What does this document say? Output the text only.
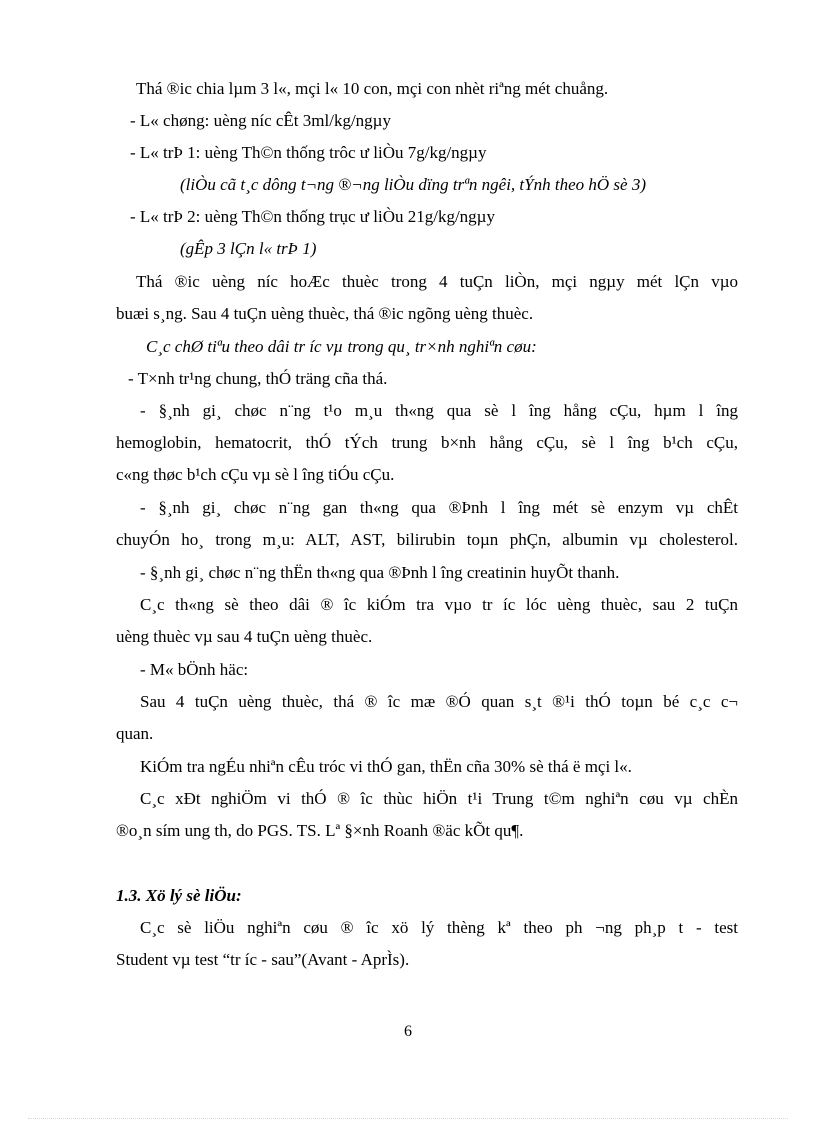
Thá ®ic chia lµm 3 l«, mçi l« 10 con, mçi con nhèt riªng mét chuång.
- L« chøng: uèng níc cÊt 3ml/kg/ngµy
- L« trÞ 1: uèng Th©n thống trôc ư liÒu 7g/kg/ngµy
(liÒu cã t¸c dông t¬ng ®¬ng liÒu dïng trªn ngêi, tÝnh theo hÖ sè 3)
- L« trÞ 2: uèng Th©n thống trục ư liÒu 21g/kg/ngµy
(gÊp 3 lÇn l« trÞ 1)
Thá ®ic uèng níc hoÆc thuèc trong 4 tuÇn liÒn, mçi ngµy mét lÇn vµo
buæi s¸ng. Sau 4 tuÇn uèng thuèc, thá ®ic ngõng uèng thuèc.
C¸c chØ tiªu theo dâi tr íc vµ trong qu¸ tr×nh nghiªn cøu:
- T×nh tr¹ng chung, thÓ träng cña thá.
- §¸nh gi¸ chøc n¨ng t¹o m¸u th«ng qua sè l îng hång cÇu, hµm l îng
hemoglobin, hematocrit, thÓ tÝch trung b×nh hång cÇu, sè l îng b¹ch cÇu,
c«ng thøc b¹ch cÇu vµ sè l îng tiÓu cÇu.
- §¸nh gi¸ chøc n¨ng gan th«ng qua ®Þnh l îng mét sè enzym vµ chÊt
chuyÓn ho¸ trong m¸u: ALT, AST, bilirubin toµn phÇn, albumin vµ cholesterol.
- §¸nh gi¸ chøc n¨ng thËn th«ng qua ®Þnh l îng creatinin huyÕt thanh.
C¸c th«ng sè theo dâi ® îc kiÓm tra vµo tr íc lóc uèng thuèc, sau 2 tuÇn
uèng thuèc vµ sau 4 tuÇn uèng thuèc.
- M« bÖnh häc:
Sau 4 tuÇn uèng thuèc, thá ® îc mæ ®Ó quan s¸t ®¹i thÓ toµn bé c¸c c¬
quan.
KiÓm tra ngÉu nhiªn cÊu tróc vi thÓ gan, thËn cña 30% sè thá ë mçi l«.
C¸c xÐt nghiÖm vi thÓ ® îc thùc hiÖn t¹i Trung t©m nghiªn cøu vµ chÈn
®o¸n sím ung th, do PGS. TS. Lª §×nh Roanh ®äc kÕt qu¶.
1.3. Xö lý sè liÖu:
C¸c sè liÖu nghiªn cøu ® îc xö lý thèng kª theo ph ¬ng ph¸p t - test
Student vµ test “tr íc - sau”(Avant - AprÌs).
6
